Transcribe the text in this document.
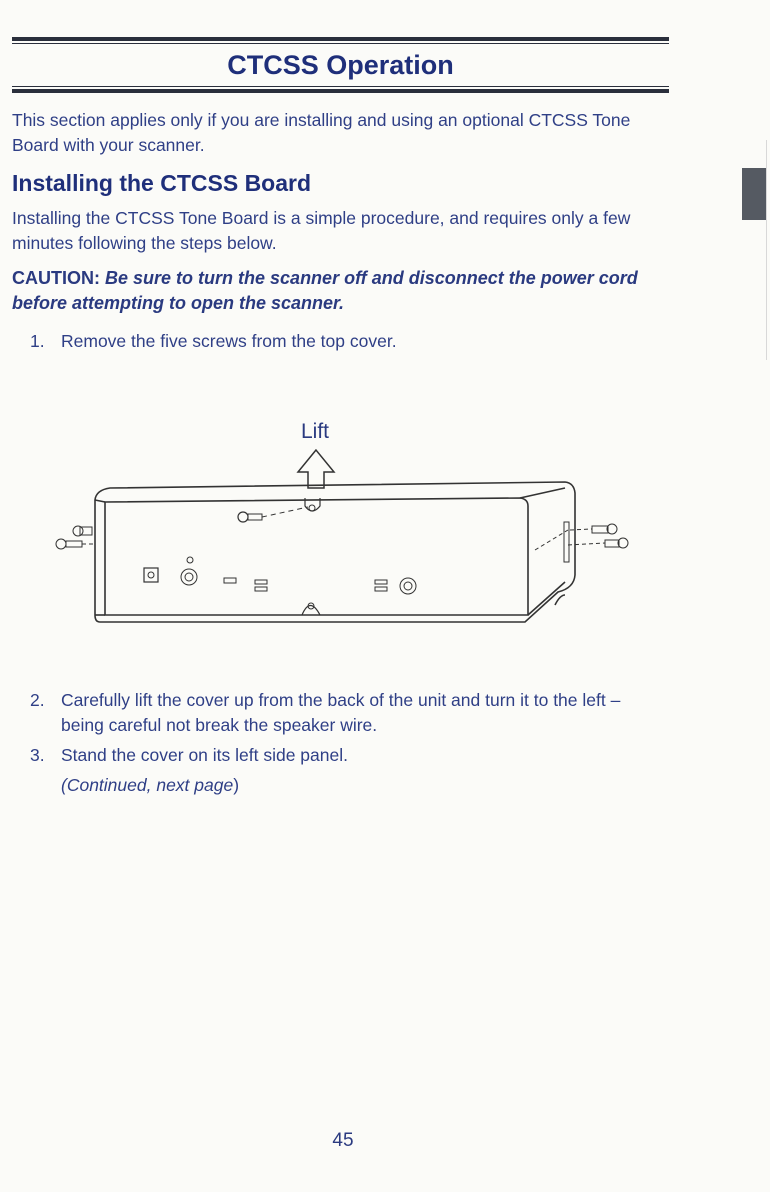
CTCSS Operation

This section applies only if you are installing and using an optional CTCSS Tone Board with your scanner.

Installing the CTCSS Board

Installing the CTCSS Tone Board is a simple procedure, and requires only a few minutes following the steps below.

CAUTION: Be sure to turn the scanner off and disconnect the power cord before attempting to open the scanner.

1. Remove the five screws from the top cover.
Lift
2. Carefully lift the cover up from the back of the unit and turn it to the left – being careful not break the speaker wire.
3. Stand the cover on its left side panel.

(Continued, next page)

45
